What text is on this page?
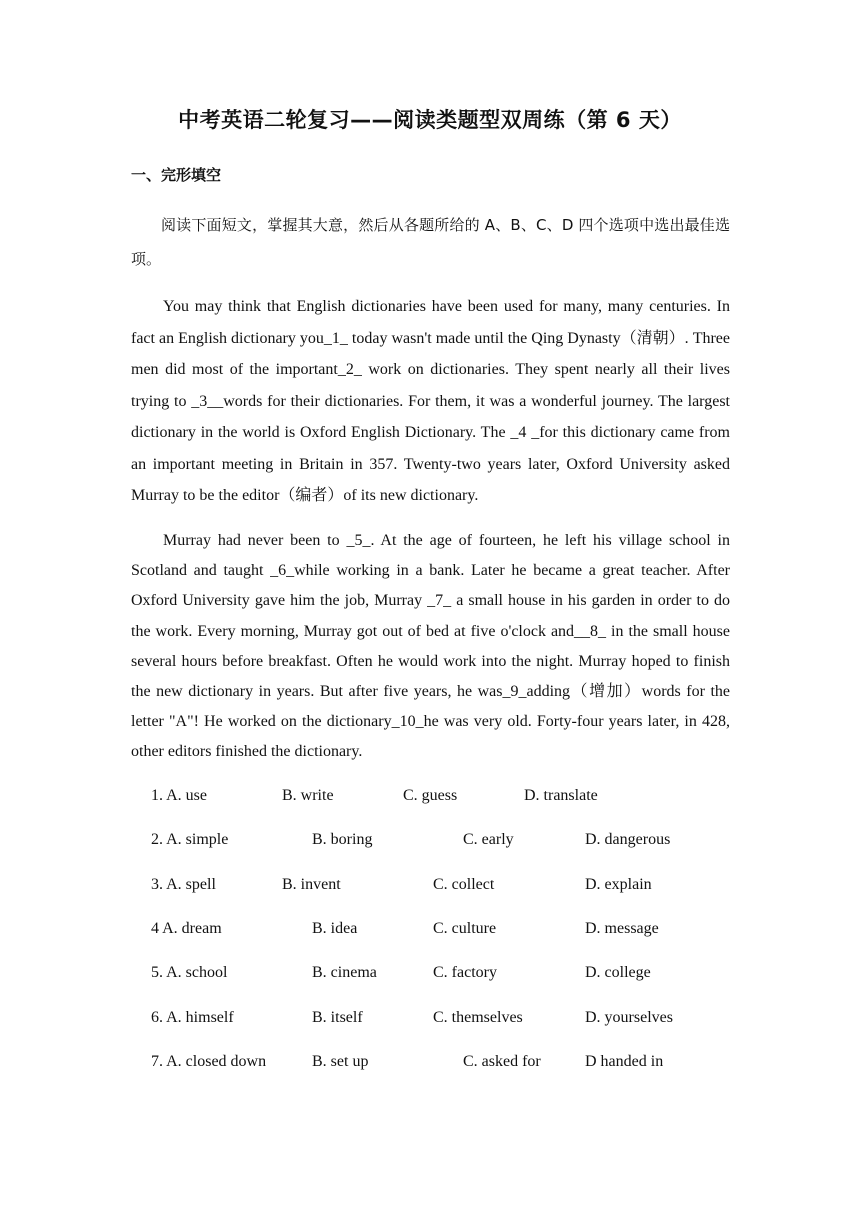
中考英语二轮复习——阅读类题型双周练（第 6 天）
一、完形填空

阅读下面短文，掌握其大意，然后从各题所给的 A、B、C、D 四个选项中选出最佳选项。

You may think that English dictionaries have been used for many, many centuries. In fact an English dictionary you_1_ today wasn't made until the Qing Dynasty（清朝）. Three men did most of the important_2_ work on dictionaries. They spent nearly all their lives trying to _3__words for their dictionaries. For them, it was a wonderful journey. The largest dictionary in the world is Oxford English Dictionary. The _4 _for this dictionary came from an important meeting in Britain in 357. Twenty-two years later, Oxford University asked Murray to be the editor（编者）of its new dictionary.

Murray had never been to _5_. At the age of fourteen, he left his village school in Scotland and taught _6_while working in a bank. Later he became a great teacher. After Oxford University gave him the job, Murray _7_ a small house in his garden in order to do the work. Every morning, Murray got out of bed at five o'clock and__8_ in the small house several hours before breakfast. Often he would work into the night. Murray hoped to finish the new dictionary in years. But after five years, he was_9_adding（增加）words for the letter "A"! He worked on the dictionary_10_he was very old. Forty-four years later, in 428, other editors finished the dictionary.

1. A. use	B. write	C. guess	D. translate
2. A. simple	B. boring	C. early	D. dangerous
3. A. spell	B. invent	C. collect	D. explain
4 A. dream	B. idea	C. culture	D. message
5. A. school	B. cinema	C. factory	D. college
6. A. himself	B. itself	C. themselves	D. yourselves
7. A. closed down	B. set up	C. asked for	D handed in
